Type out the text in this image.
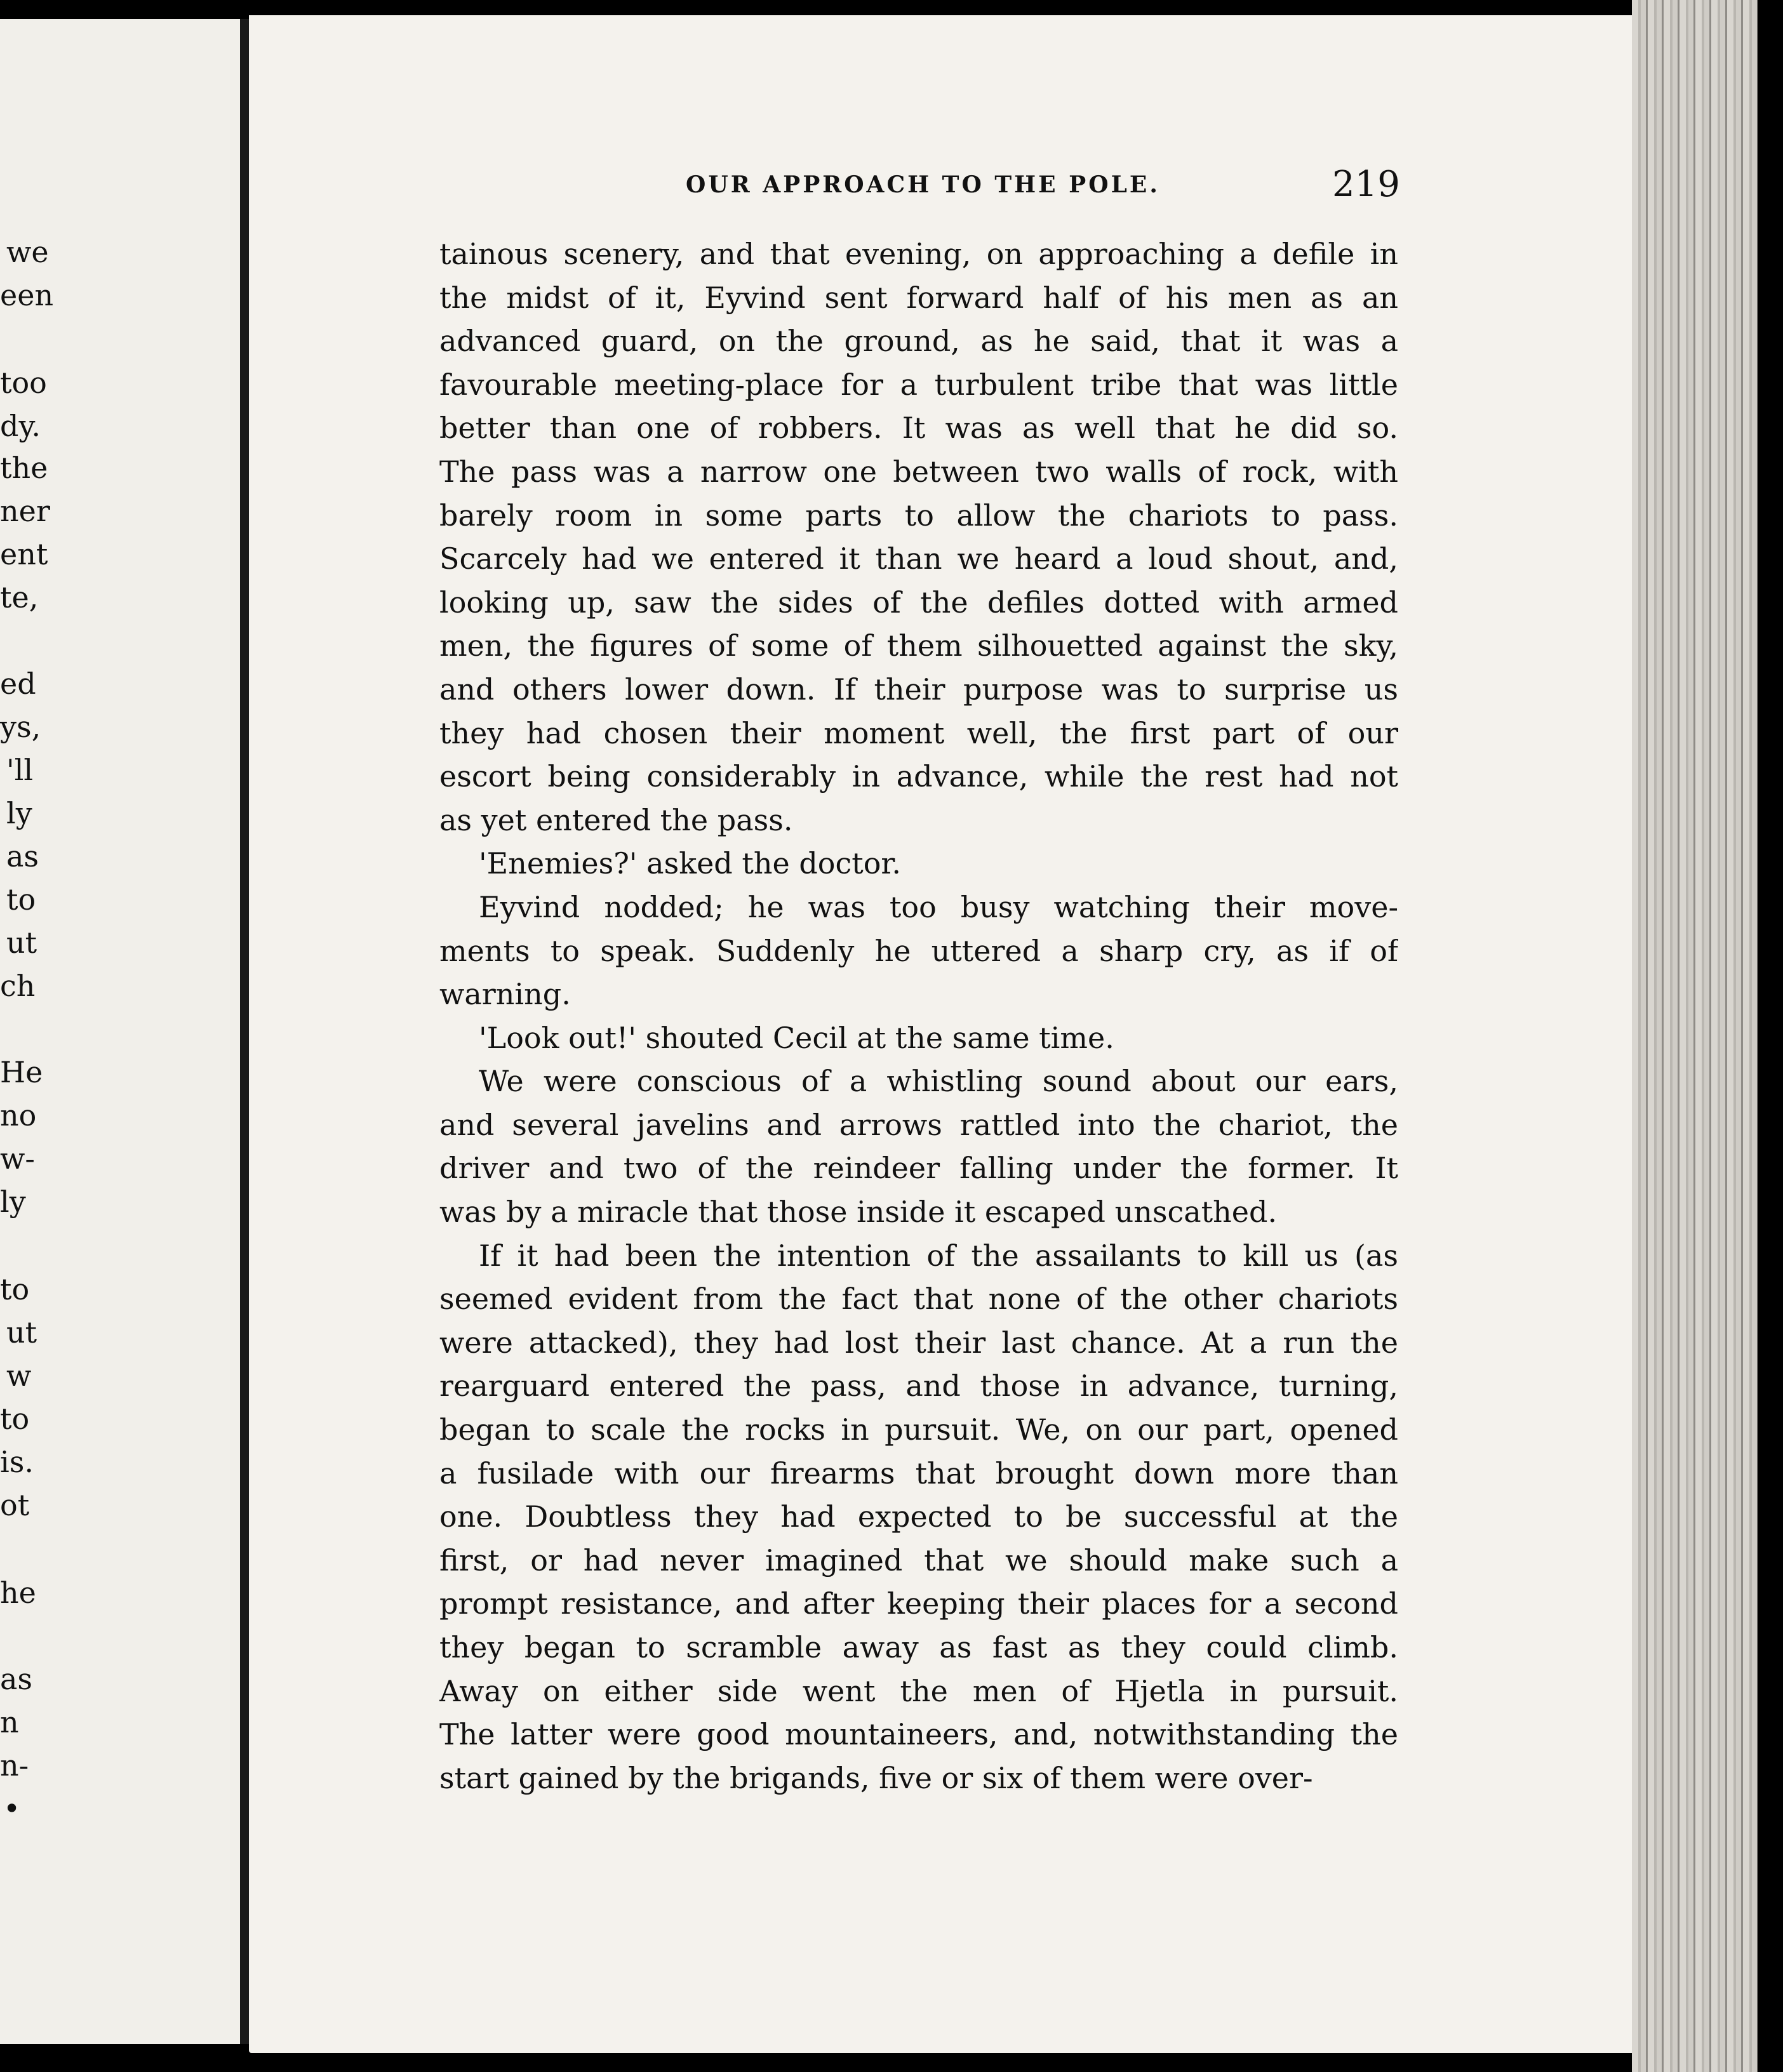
we
een
too
dy.
the
ner
ent
te,
ed
ys,
'll
ly
as
to
ut
ch
He
no
w-
ly
to
ut
w
to
is.
ot
he
as
n
n-
•
OUR APPROACH TO THE POLE.	219
tainous scenery, and that evening, on approaching a defile in
the midst of it, Eyvind sent forward half of his men as an
advanced guard, on the ground, as he said, that it was a
favourable meeting-place for a turbulent tribe that was little
better than one of robbers. It was as well that he did so.
The pass was a narrow one between two walls of rock, with
barely room in some parts to allow the chariots to pass.
Scarcely had we entered it than we heard a loud shout, and,
looking up, saw the sides of the defiles dotted with armed
men, the figures of some of them silhouetted against the sky,
and others lower down. If their purpose was to surprise us
they had chosen their moment well, the first part of our
escort being considerably in advance, while the rest had not
as yet entered the pass.
'Enemies?' asked the doctor.
Eyvind nodded; he was too busy watching their move-
ments to speak. Suddenly he uttered a sharp cry, as if of
warning.
'Look out!' shouted Cecil at the same time.
We were conscious of a whistling sound about our ears,
and several javelins and arrows rattled into the chariot, the
driver and two of the reindeer falling under the former. It
was by a miracle that those inside it escaped unscathed.
If it had been the intention of the assailants to kill us (as
seemed evident from the fact that none of the other chariots
were attacked), they had lost their last chance. At a run the
rearguard entered the pass, and those in advance, turning,
began to scale the rocks in pursuit. We, on our part, opened
a fusilade with our firearms that brought down more than
one. Doubtless they had expected to be successful at the
first, or had never imagined that we should make such a
prompt resistance, and after keeping their places for a second
they began to scramble away as fast as they could climb.
Away on either side went the men of Hjetla in pursuit.
The latter were good mountaineers, and, notwithstanding the
start gained by the brigands, five or six of them were over-
